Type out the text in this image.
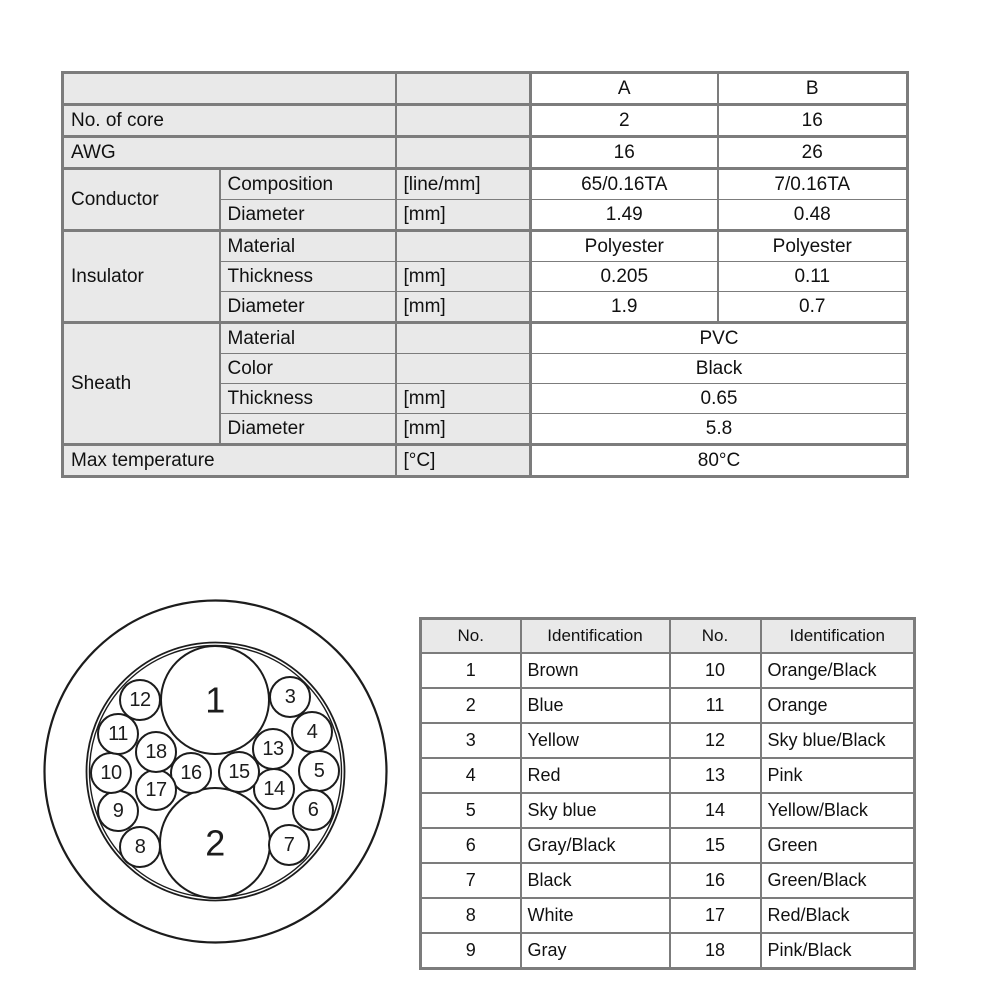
			A	B
No. of core			2	16
AWG			16	26
Conductor	Composition	[line/mm]	65/0.16TA	7/0.16TA
	Diameter	[mm]	1.49	0.48
Insulator	Material		Polyester	Polyester
	Thickness	[mm]	0.205	0.11
	Diameter	[mm]	1.9	0.7
Sheath	Material		PVC	
	Color		Black	
	Thickness	[mm]	0.65	
	Diameter	[mm]	5.8	
Max temperature		[°C]	80°C	
1
2
3
4
5
6
7
8
9
10
11
12
13
14
15
16
17
18
No.	Identification	No.	Identification
1	Brown	10	Orange/Black
2	Blue	11	Orange
3	Yellow	12	Sky blue/Black
4	Red	13	Pink
5	Sky blue	14	Yellow/Black
6	Gray/Black	15	Green
7	Black	16	Green/Black
8	White	17	Red/Black
9	Gray	18	Pink/Black
